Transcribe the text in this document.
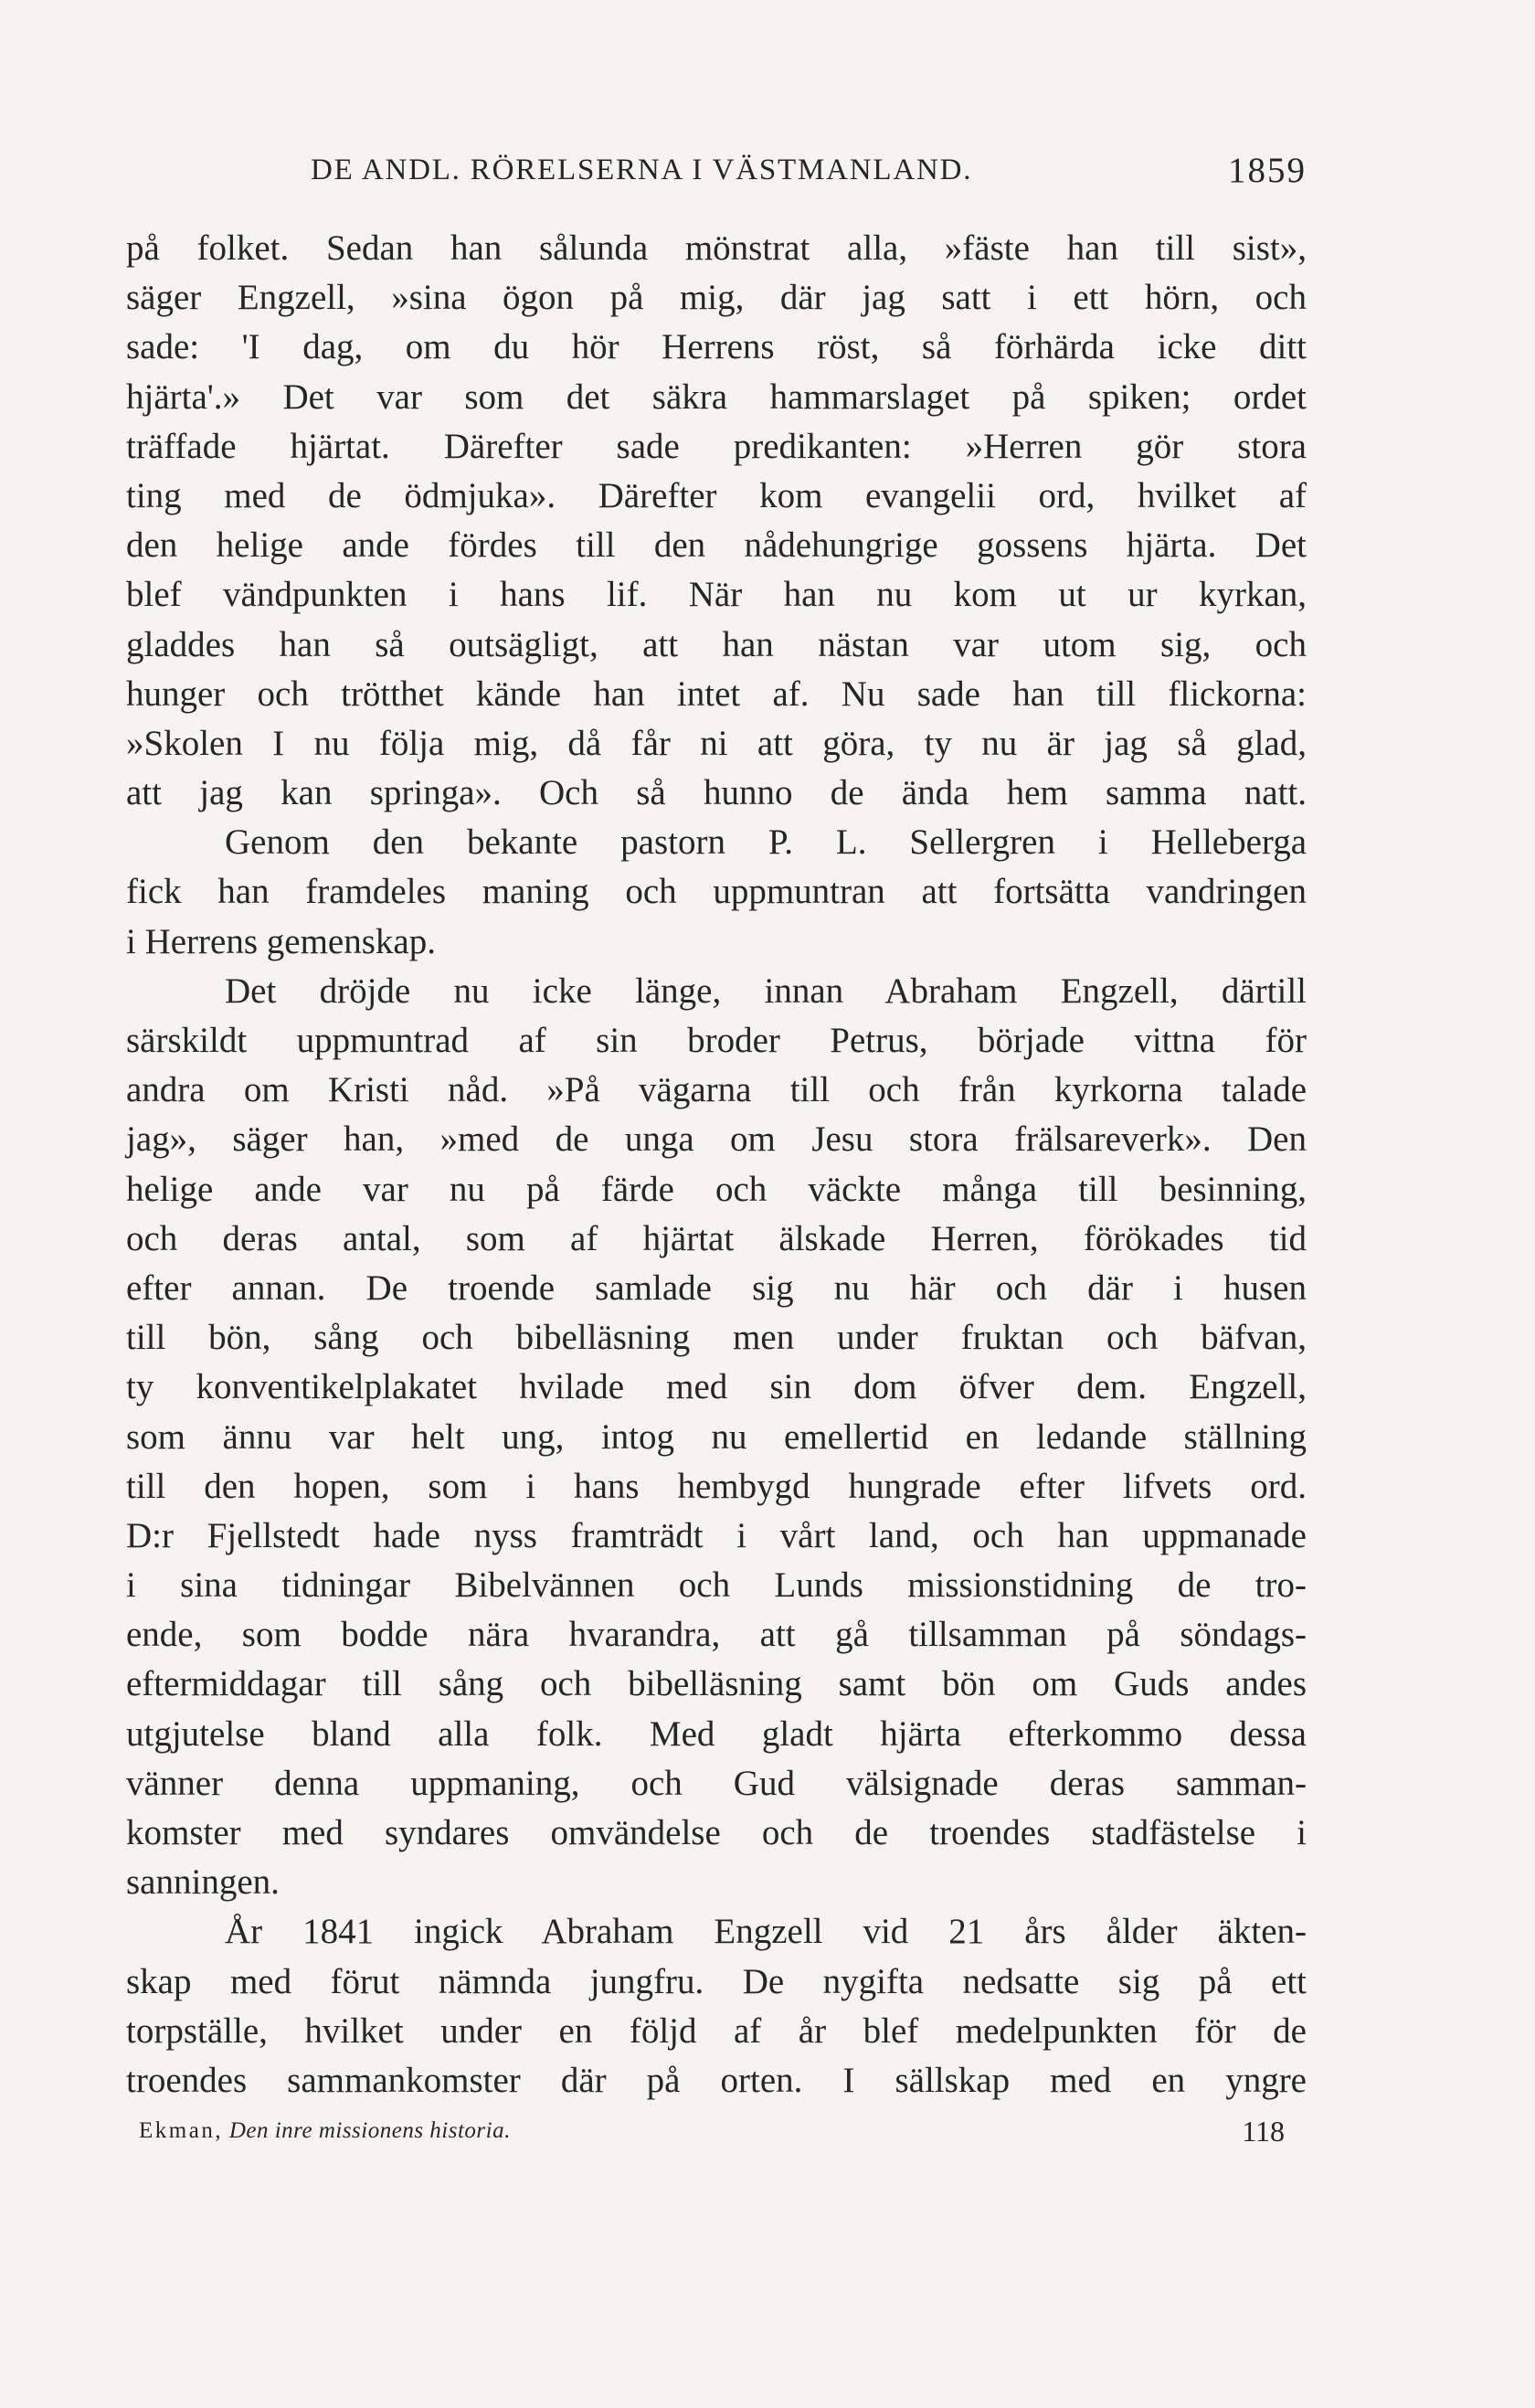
DE ANDL. RÖRELSERNA I VÄSTMANLAND.	1859
på folket. Sedan han sålunda mönstrat alla, »fäste han till sist»,
säger Engzell, »sina ögon på mig, där jag satt i ett hörn, och
sade: 'I dag, om du hör Herrens röst, så förhärda icke ditt
hjärta'.» Det var som det säkra hammarslaget på spiken; ordet
träffade hjärtat. Därefter sade predikanten: »Herren gör stora
ting med de ödmjuka». Därefter kom evangelii ord, hvilket af
den helige ande fördes till den nådehungrige gossens hjärta. Det
blef vändpunkten i hans lif. När han nu kom ut ur kyrkan,
gladdes han så outsägligt, att han nästan var utom sig, och
hunger och trötthet kände han intet af. Nu sade han till flickorna:
»Skolen I nu följa mig, då får ni att göra, ty nu är jag så glad,
att jag kan springa». Och så hunno de ända hem samma natt.
Genom den bekante pastorn P. L. Sellergren i Helleberga
fick han framdeles maning och uppmuntran att fortsätta vandringen
i Herrens gemenskap.
Det dröjde nu icke länge, innan Abraham Engzell, därtill
särskildt uppmuntrad af sin broder Petrus, började vittna för
andra om Kristi nåd. »På vägarna till och från kyrkorna talade
jag», säger han, »med de unga om Jesu stora frälsareverk». Den
helige ande var nu på färde och väckte många till besinning,
och deras antal, som af hjärtat älskade Herren, förökades tid
efter annan. De troende samlade sig nu här och där i husen
till bön, sång och bibelläsning men under fruktan och bäfvan,
ty konventikelplakatet hvilade med sin dom öfver dem. Engzell,
som ännu var helt ung, intog nu emellertid en ledande ställning
till den hopen, som i hans hembygd hungrade efter lifvets ord.
D:r Fjellstedt hade nyss framträdt i vårt land, och han uppmanade
i sina tidningar Bibelvännen och Lunds missionstidning de tro-
ende, som bodde nära hvarandra, att gå tillsamman på söndags-
eftermiddagar till sång och bibelläsning samt bön om Guds andes
utgjutelse bland alla folk. Med gladt hjärta efterkommo dessa
vänner denna uppmaning, och Gud välsignade deras samman-
komster med syndares omvändelse och de troendes stadfästelse i
sanningen.
År 1841 ingick Abraham Engzell vid 21 års ålder äkten-
skap med förut nämnda jungfru. De nygifta nedsatte sig på ett
torpställe, hvilket under en följd af år blef medelpunkten för de
troendes sammankomster där på orten. I sällskap med en yngre
Ekman, Den inre missionens historia.	118
